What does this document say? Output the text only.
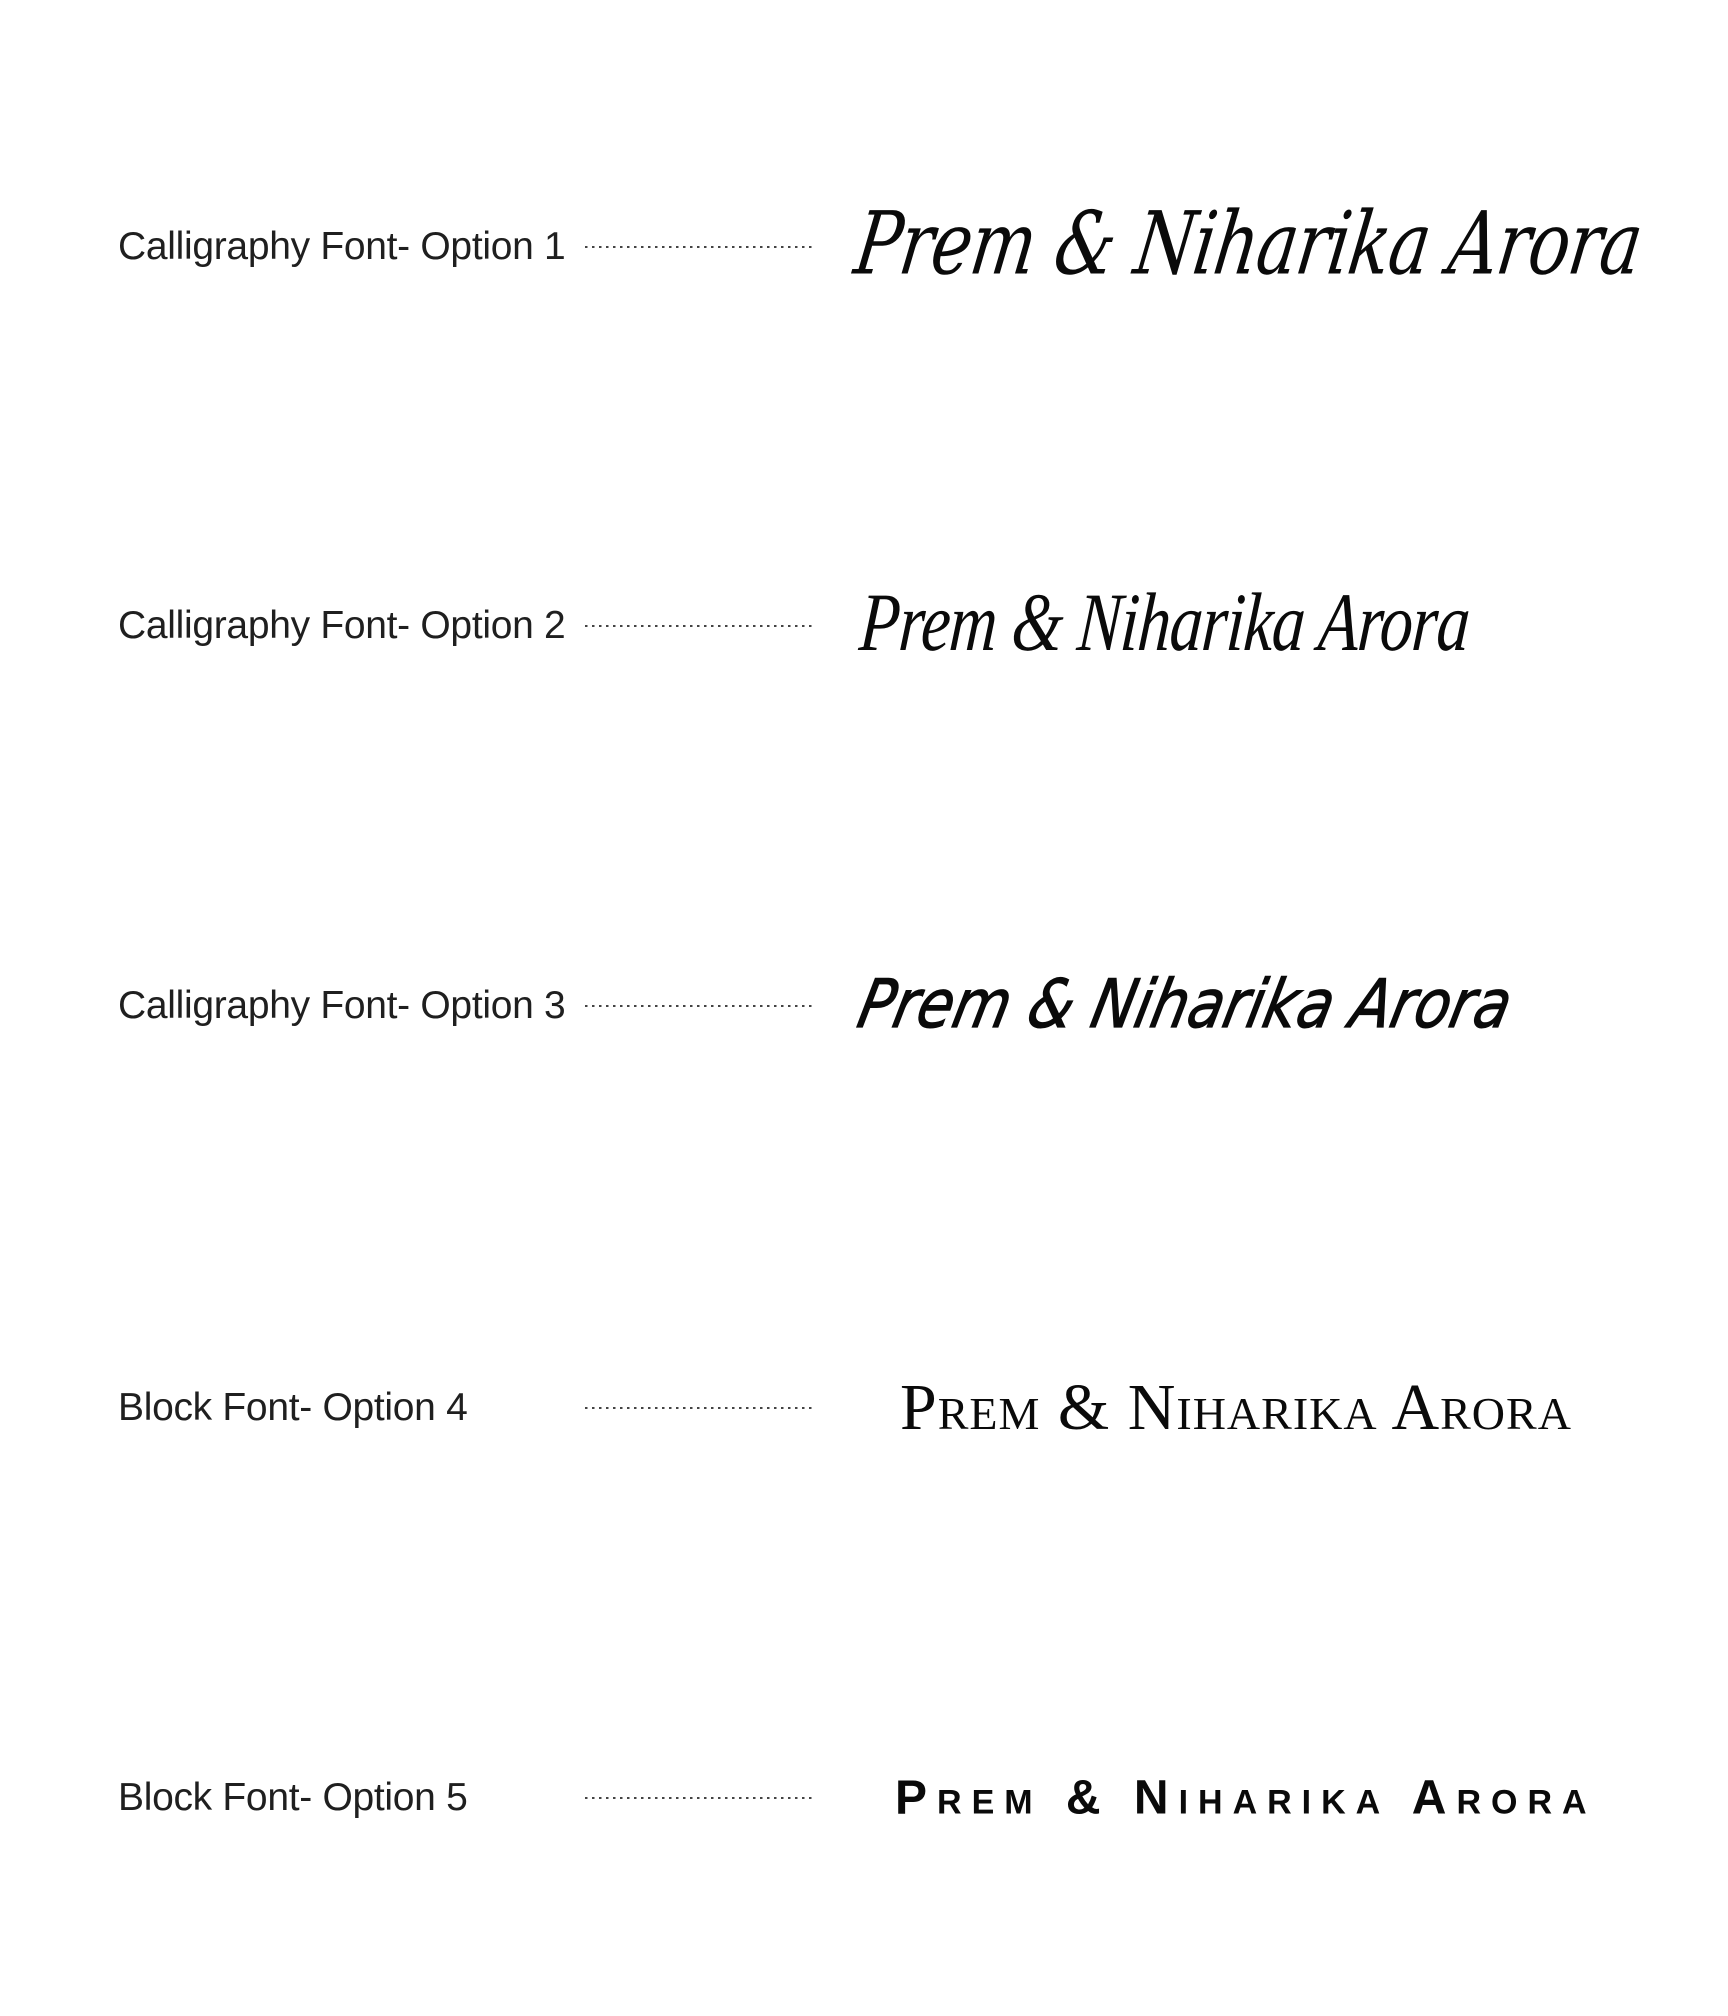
Calligraphy Font- Option 1	Prem & Niharika Arora
Calligraphy Font- Option 2	Prem & Niharika Arora
Calligraphy Font- Option 3	Prem & Niharika Arora
Block Font- Option 4	Prem & Niharika Arora
Block Font- Option 5	Prem & Niharika Arora
